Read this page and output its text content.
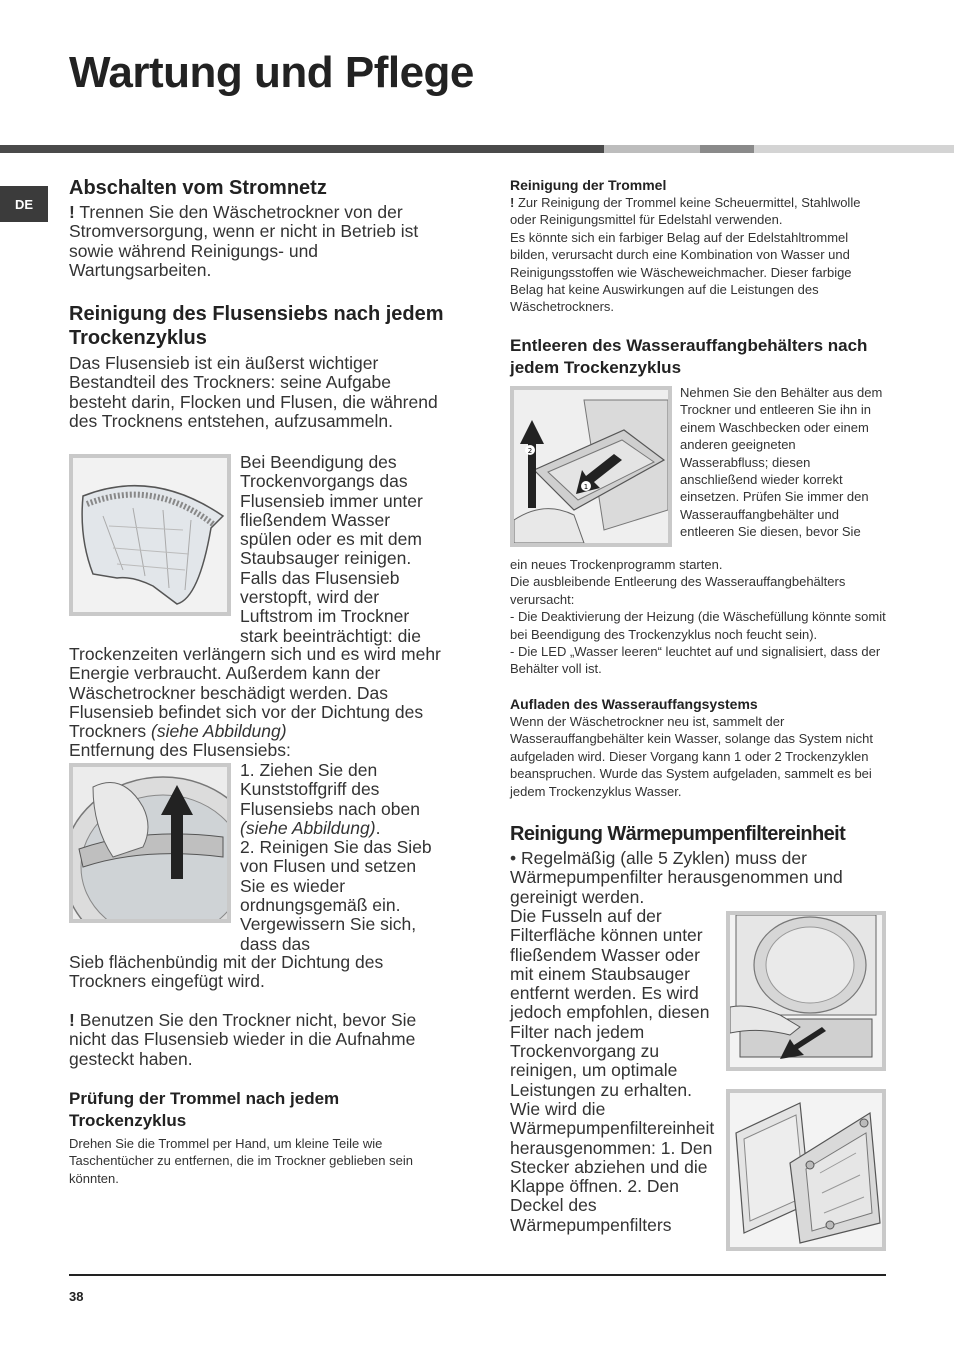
Wartung und Pflege
DE

Abschalten vom Stromnetz

! Trennen Sie den Wäschetrockner von der Stromversorgung, wenn er nicht in Betrieb ist sowie während Reinigungs- und Wartungsarbeiten.

Reinigung des Flusensiebs nach jedem Trockenzyklus

Das Flusensieb ist ein äußerst wichtiger Bestandteil des Trockners: seine Aufgabe besteht darin, Flocken und Flusen, die während des Trocknens entstehen, aufzusammeln.

Bei Beendigung des Trockenvorgangs das Flusensieb immer unter fließendem Wasser spülen oder es mit dem Staubsauger reinigen. Falls das Flusensieb verstopft, wird der Luftstrom im Trockner stark beeinträchtigt: die
Trockenzeiten verlängern sich und es wird mehr Energie verbraucht. Außerdem kann der Wäschetrockner beschädigt werden. Das Flusensieb befindet sich vor der Dichtung des Trockners (siehe Abbildung)
Entfernung des Flusensiebs:
1. Ziehen Sie den Kunststoffgriff des Flusensiebs nach oben (siehe Abbildung).
2. Reinigen Sie das Sieb von Flusen und setzen Sie es wieder ordnungsgemäß ein. Vergewissern Sie sich, dass das
Sieb flächenbündig mit der Dichtung des Trockners eingefügt wird.
! Benutzen Sie den Trockner nicht, bevor Sie nicht das Flusensieb wieder in die Aufnahme gesteckt haben.

Prüfung der Trommel nach jedem Trockenzyklus

Drehen Sie die Trommel per Hand, um kleine Teile wie Taschentücher zu entfernen, die im Trockner geblieben sein könnten.

Reinigung der Trommel

! Zur Reinigung der Trommel keine Scheuermittel, Stahlwolle oder Reinigungsmittel für Edelstahl verwenden.
Es könnte sich ein farbiger Belag auf der Edelstahltrommel bilden, verursacht durch eine Kombination von Wasser und Reinigungsstoffen wie Wäscheweichmacher. Dieser farbige Belag hat keine Auswirkungen auf die Leistungen des Wäschetrockners.

Entleeren des Wasserauffangbehälters nach jedem Trockenzyklus

2
1
Nehmen Sie den Behälter aus dem Trockner und entleeren Sie ihn in einem Waschbecken oder einem anderen geeigneten Wasserabfluss; diesen anschließend wieder korrekt einsetzen. Prüfen Sie immer den Wasserauffangbehälter und entleeren Sie diesen, bevor Sie

ein neues Trockenprogramm starten.

Die ausbleibende Entleerung des Wasserauffangbehälters verursacht:

- Die Deaktivierung der Heizung (die Wäschefüllung könnte somit bei Beendigung des Trockenzyklus noch feucht sein).

- Die LED „Wasser leeren“ leuchtet auf und signalisiert, dass der Behälter voll ist.

Aufladen des Wasserauffangsystems

Wenn der Wäschetrockner neu ist, sammelt der Wasserauffangbehälter kein Wasser, solange das System nicht aufgeladen wird. Dieser Vorgang kann 1 oder 2 Trockenzyklen beanspruchen. Wurde das System aufgeladen, sammelt es bei jedem Trockenzyklus Wasser.

Reinigung Wärmepumpenfiltereinheit

• Regelmäßig (alle 5 Zyklen) muss der Wärmepumpenfilter herausgenommen und gereinigt werden.

Die Fusseln auf der Filterfläche können unter fließendem Wasser oder mit einem Staubsauger entfernt werden. Es wird jedoch empfohlen, diesen Filter nach jedem Trockenvorgang zu reinigen, um optimale Leistungen zu erhalten. Wie wird die Wärmepumpenfiltereinheit herausgenommen: 1. Den Stecker abziehen und die Klappe öffnen. 2. Den Deckel des Wärmepumpenfilters
38
